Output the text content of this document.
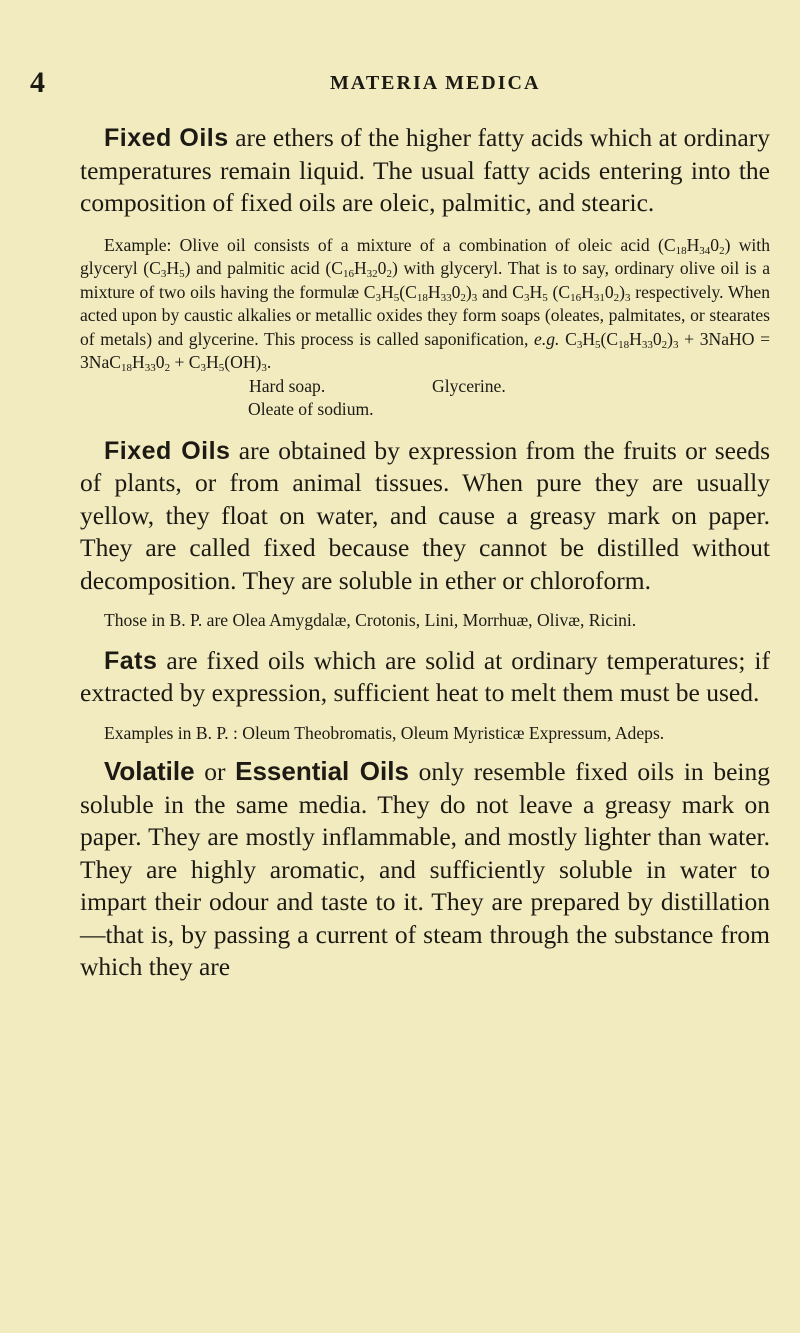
4	MATERIA MEDICA

Fixed Oils are ethers of the higher fatty acids which at ordinary temperatures remain liquid. The usual fatty acids entering into the composition of fixed oils are oleic, palmitic, and stearic.

Example: Olive oil consists of a mixture of a combination of oleic acid $(C_{18}H_{34}0_2)$ with glyceryl $(C_3H_5)$ and palmitic acid $(C_{16}H_{32}0_2)$ with glyceryl. That is to say, ordinary olive oil is a mixture of two oils having the formulæ $C_3H_5(C_{18}H_{33}0_2)_3$ and $C_3H_5$ $(C_{16}H_{31}0_2)_3$ respectively. When acted upon by caustic alkalies or metallic oxides they form soaps (oleates, palmitates, or stearates of metals) and glycerine. This process is called saponification, e.g. $C_3H_5(C_{18}H_{33}0_2)_3$ + 3NaHO = $3NaC_{18}H_{33}0_2 + C_3H_5(OH)_3$.

Hard soap.	Glycerine.
Oleate of sodium.

Fixed Oils are obtained by expression from the fruits or seeds of plants, or from animal tissues. When pure they are usually yellow, they float on water, and cause a greasy mark on paper. They are called fixed because they cannot be distilled without decomposition. They are soluble in ether or chloroform.

Those in B. P. are Olea Amygdalæ, Crotonis, Lini, Morrhuæ, Olivæ, Ricini.

Fats are fixed oils which are solid at ordinary temperatures; if extracted by expression, sufficient heat to melt them must be used.

Examples in B. P. : Oleum Theobromatis, Oleum Myristicæ Expressum, Adeps.

Volatile or Essential Oils only resemble fixed oils in being soluble in the same media. They do not leave a greasy mark on paper. They are mostly inflammable, and mostly lighter than water. They are highly aromatic, and sufficiently soluble in water to impart their odour and taste to it. They are prepared by distillation—that is, by passing a current of steam through the substance from which they are
